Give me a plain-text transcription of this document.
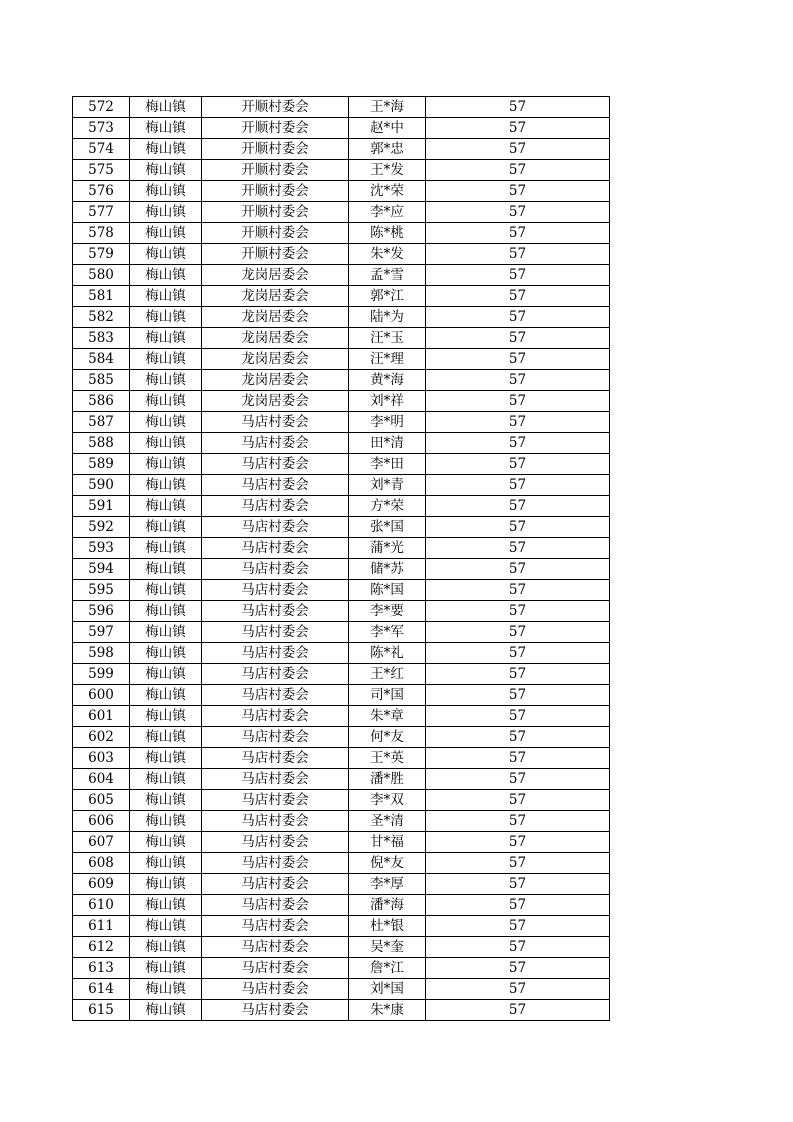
572	梅山镇	开顺村委会	王*海	57
573	梅山镇	开顺村委会	赵*中	57
574	梅山镇	开顺村委会	郭*忠	57
575	梅山镇	开顺村委会	王*发	57
576	梅山镇	开顺村委会	沈*荣	57
577	梅山镇	开顺村委会	李*应	57
578	梅山镇	开顺村委会	陈*桃	57
579	梅山镇	开顺村委会	朱*发	57
580	梅山镇	龙岗居委会	孟*雪	57
581	梅山镇	龙岗居委会	郭*江	57
582	梅山镇	龙岗居委会	陆*为	57
583	梅山镇	龙岗居委会	汪*玉	57
584	梅山镇	龙岗居委会	汪*理	57
585	梅山镇	龙岗居委会	黄*海	57
586	梅山镇	龙岗居委会	刘*祥	57
587	梅山镇	马店村委会	李*明	57
588	梅山镇	马店村委会	田*清	57
589	梅山镇	马店村委会	李*田	57
590	梅山镇	马店村委会	刘*青	57
591	梅山镇	马店村委会	方*荣	57
592	梅山镇	马店村委会	张*国	57
593	梅山镇	马店村委会	蒲*光	57
594	梅山镇	马店村委会	储*苏	57
595	梅山镇	马店村委会	陈*国	57
596	梅山镇	马店村委会	李*要	57
597	梅山镇	马店村委会	李*军	57
598	梅山镇	马店村委会	陈*礼	57
599	梅山镇	马店村委会	王*红	57
600	梅山镇	马店村委会	司*国	57
601	梅山镇	马店村委会	朱*章	57
602	梅山镇	马店村委会	何*友	57
603	梅山镇	马店村委会	王*英	57
604	梅山镇	马店村委会	潘*胜	57
605	梅山镇	马店村委会	李*双	57
606	梅山镇	马店村委会	圣*清	57
607	梅山镇	马店村委会	甘*福	57
608	梅山镇	马店村委会	倪*友	57
609	梅山镇	马店村委会	李*厚	57
610	梅山镇	马店村委会	潘*海	57
611	梅山镇	马店村委会	杜*银	57
612	梅山镇	马店村委会	吴*奎	57
613	梅山镇	马店村委会	詹*江	57
614	梅山镇	马店村委会	刘*国	57
615	梅山镇	马店村委会	朱*康	57
